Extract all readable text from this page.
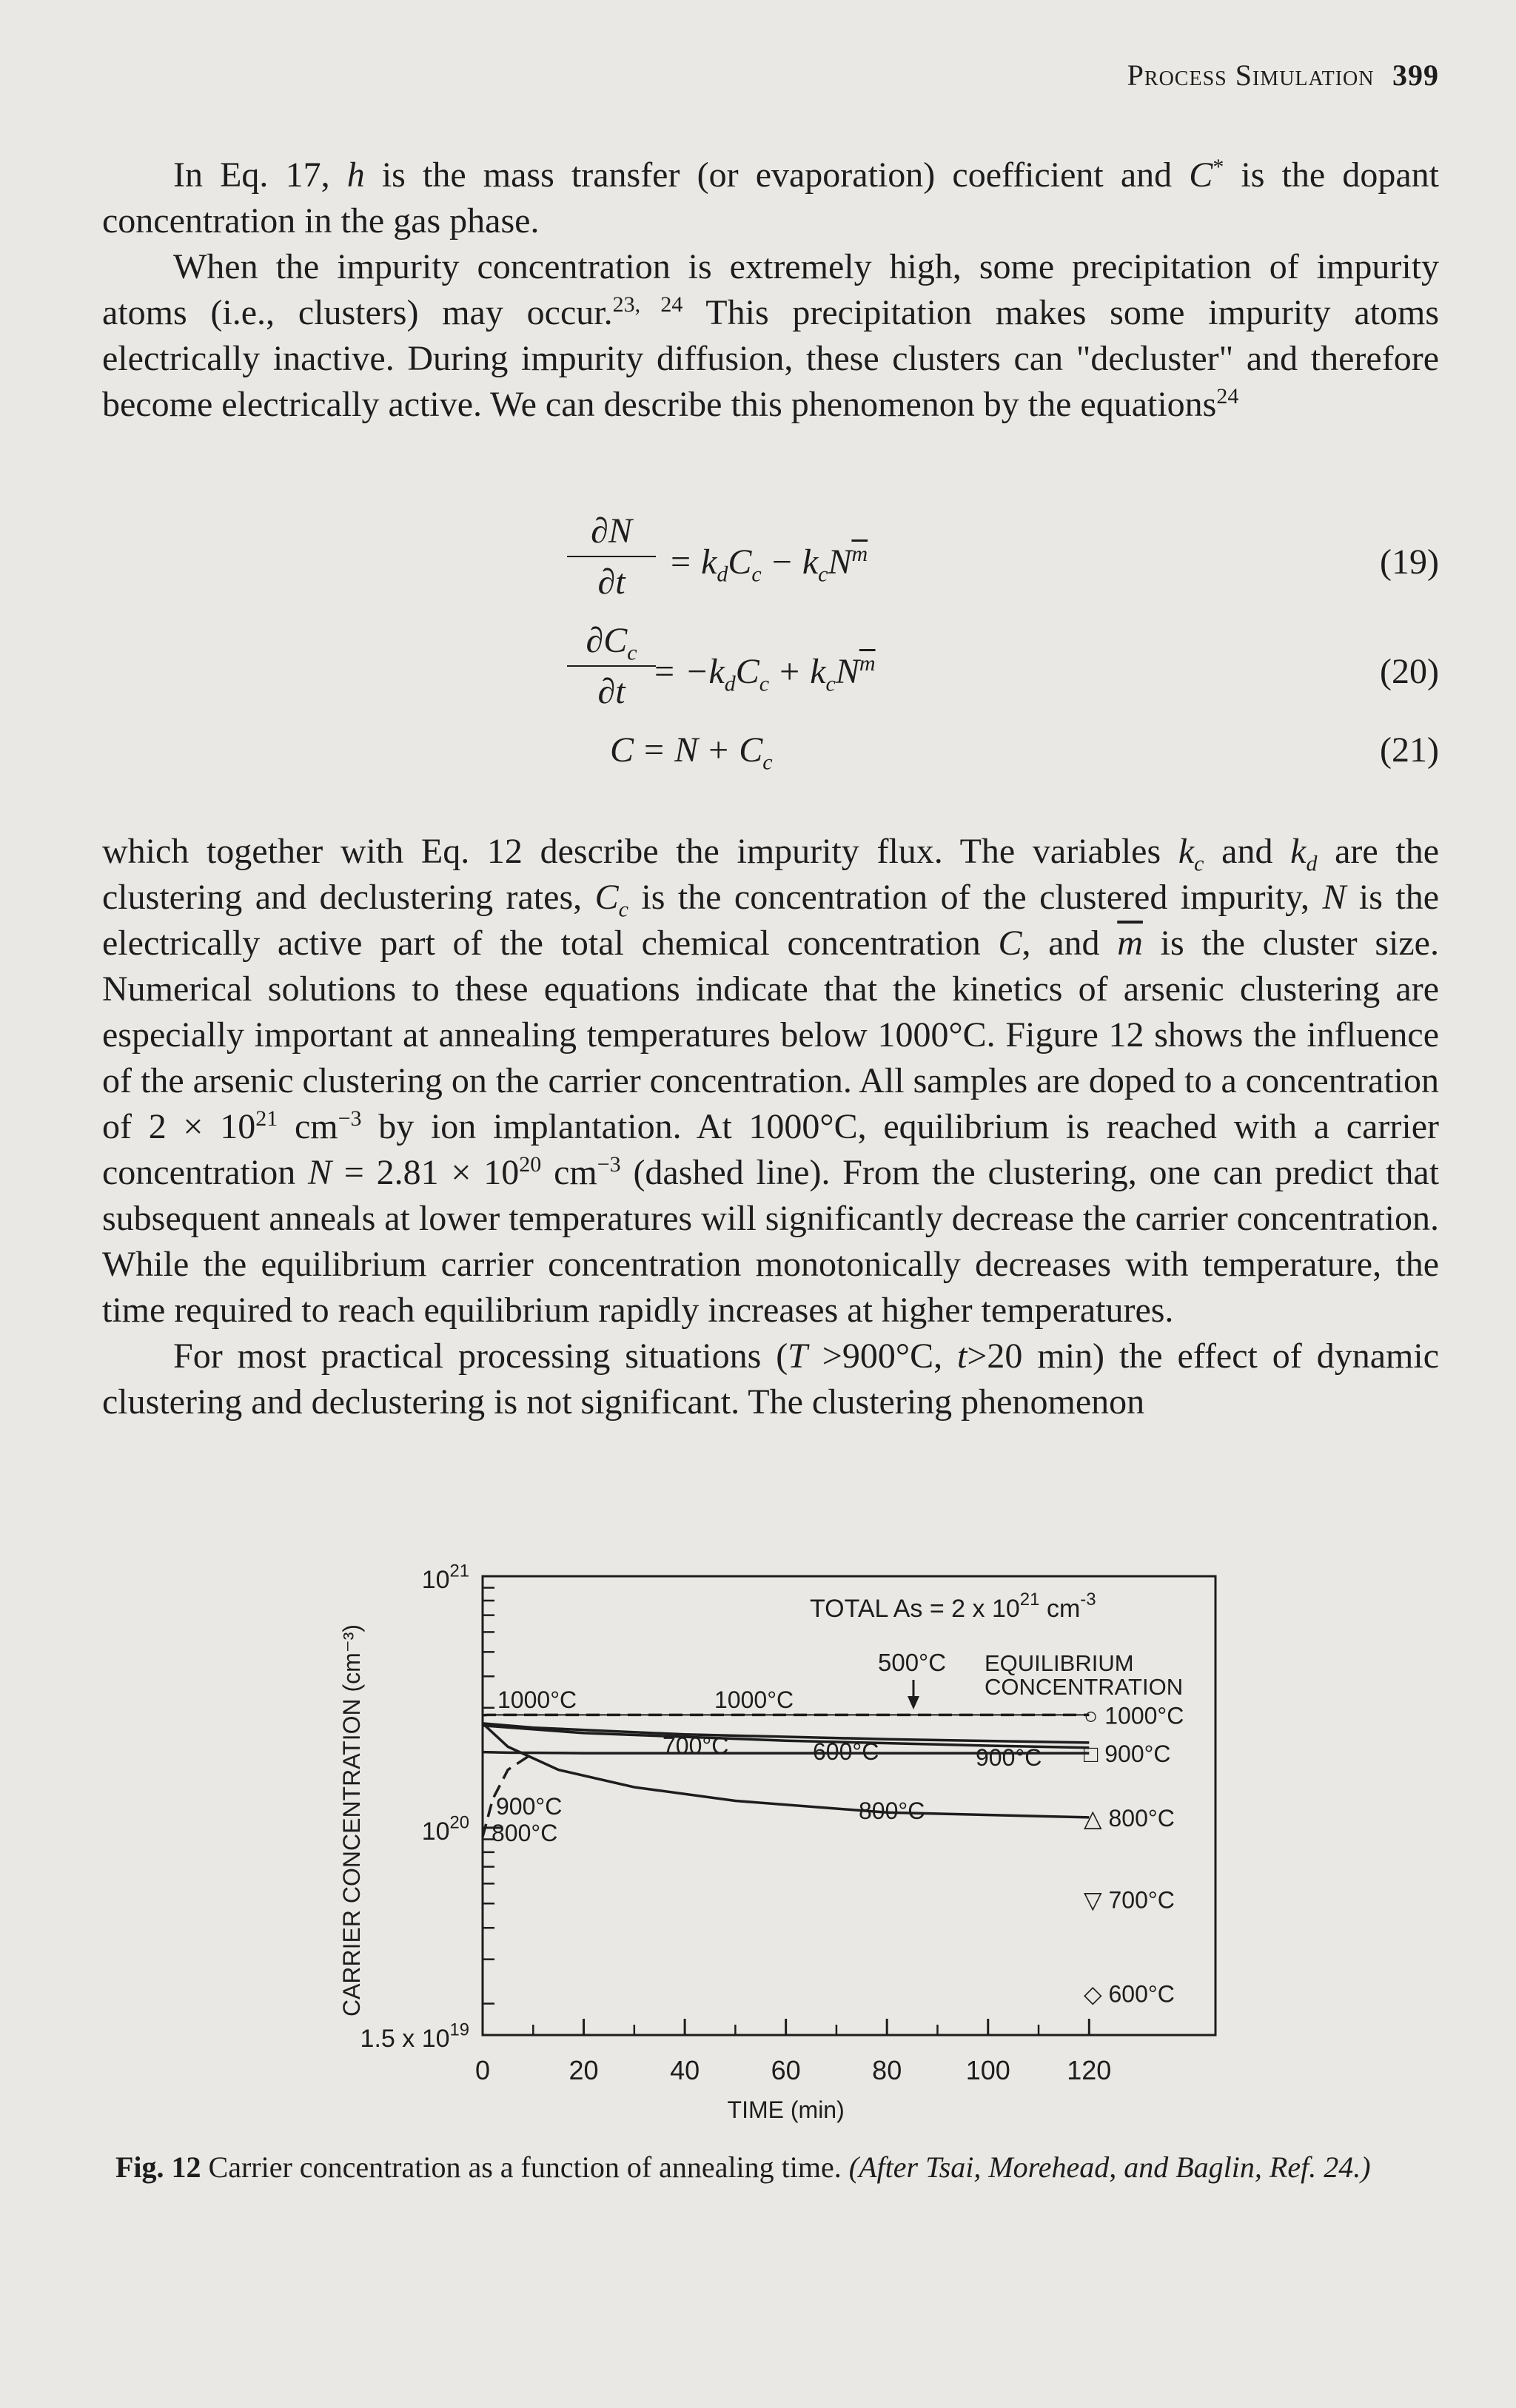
Process Simulation 399

In Eq. 17, h is the mass transfer (or evaporation) coefficient and C* is the dopant concentration in the gas phase.

When the impurity concentration is extremely high, some precipitation of impurity atoms (i.e., clusters) may occur.$^{23, 24}$ This precipitation makes some impurity atoms electrically inactive. During impurity diffusion, these clusters can "decluster" and therefore become electrically active. We can describe this phenomenon by the equations$^{24}$

$\frac{\partial N}{\partial t} = k_dC_c - k_cN^{\overline{m}}$	(19)
$\frac{\partial C_c}{\partial t}$
= $-k_dC_c + k_cN^{\overline{m}}$	(20)
$C = N + C_c$	(21)

which together with Eq. 12 describe the impurity flux. The variables $k_c$ and $k_d$ are the clustering and declustering rates, $C_c$ is the concentration of the clustered impurity, N is the electrically active part of the total chemical concentration C, and $\overline{m}$ is the cluster size. Numerical solutions to these equations indicate that the kinetics of arsenic clustering are especially important at annealing temperatures below 1000°C. Figure 12 shows the influence of the arsenic clustering on the carrier concentration. All samples are doped to a concentration of $2 \times 10^{21}$ $cm^{-3}$ by ion implantation. At 1000°C, equilibrium is reached with a carrier concentration $N = 2.81 \times 10^{20}$ $cm^{-3}$ (dashed line). From the clustering, one can predict that subsequent anneals at lower temperatures will significantly decrease the carrier concentration. While the equilibrium carrier concentration monotonically decreases with temperature, the time required to reach equilibrium rapidly increases at higher temperatures.

For most practical processing situations (T >900°C, t>20 min) the effect of dynamic clustering and declustering is not significant. The clustering phenomenon

0	20	40	60	80 100 120
$10^{21}$
$10^{20}$
1.5 x $10^{19}$
TIME (min)
CARRIER CONCENTRATION (cm⁻³)
TOTAL As = 2 x $10^{21}$ $cm^{-3}$
EQUILIBRIUM
CONCENTRATION
500°C
1000°C	1000°C
700°C	600°C	900°C
800°C
900°C
800°C
○ 1000°C
□ 900°C
△ 800°C
▽ 700°C
◇ 600°C
Fig. 12 Carrier concentration as a function of annealing time. (After Tsai, Morehead, and Baglin, Ref. 24.)
